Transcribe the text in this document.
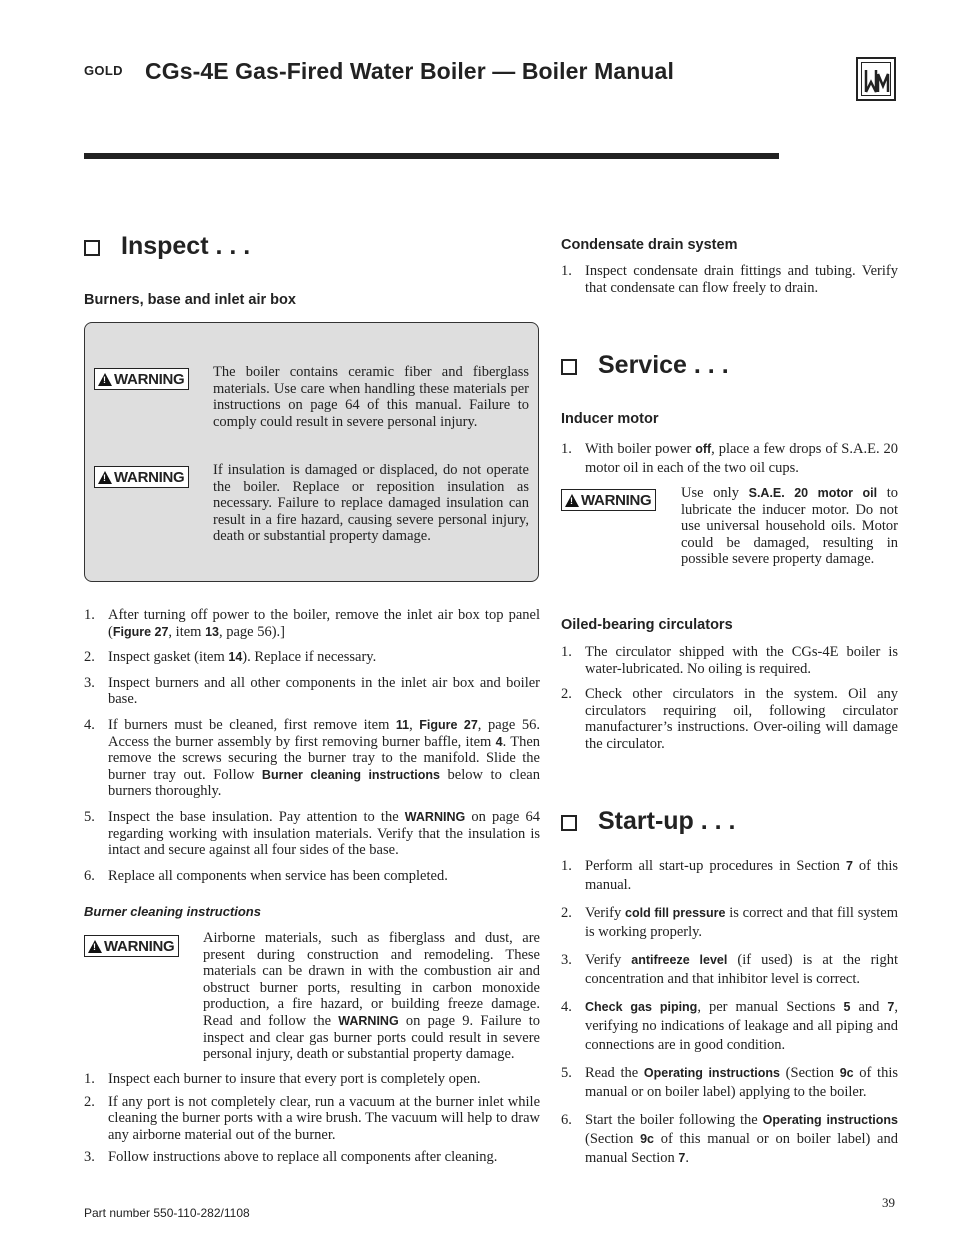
GOLD CGs-4E Gas-Fired Water Boiler — Boiler Manual
Inspect . . .
Burners, base and inlet air box
!
WARNING The boiler contains ceramic fiber and fiberglass materials. Use care when handling these materials per instructions on page 64 of this manual. Failure to comply could result in severe personal injury.
!
WARNING If insulation is damaged or displaced, do not operate the boiler. Replace or reposition insulation as necessary. Failure to replace damaged insulation can result in a fire hazard, causing severe personal injury, death or substantial property damage.
1. After turning off power to the boiler, remove the inlet air box top panel (Figure 27, item 13, page 56).]
2. Inspect gasket (item 14). Replace if necessary.
3. Inspect burners and all other components in the inlet air box and boiler base.
4. If burners must be cleaned, first remove item 11, Figure 27, page 56. Access the burner assembly by first removing burner baffle, item 4. Then remove the screws securing the burner tray to the manifold. Slide the burner tray out. Follow Burner cleaning instructions below to clean burners thoroughly.
5. Inspect the base insulation. Pay attention to the WARNING on page 64 regarding working with insulation materials. Verify that the insulation is intact and secure against all four sides of the base.
6. Replace all components when service has been completed.
Burner cleaning instructions
!
WARNING Airborne materials, such as fiberglass and dust, are present during construction and remodeling. These materials can be drawn in with the combustion air and obstruct burner ports, resulting in carbon monoxide production, a fire hazard, or building freeze damage. Read and follow the WARNING on page 9. Failure to inspect and clear gas burner ports could result in severe personal injury, death or substantial property damage.
1. Inspect each burner to insure that every port is completely open.
2. If any port is not completely clear, run a vacuum at the burner inlet while cleaning the burner ports with a wire brush. The vacuum will help to draw any airborne material out of the burner.
3. Follow instructions above to replace all components after cleaning.
Condensate drain system
1. Inspect condensate drain fittings and tubing. Verify that condensate can flow freely to drain.
Service . . .
Inducer motor
1. With boiler power off, place a few drops of S.A.E. 20 motor oil in each of the two oil cups.
!
WARNING Use only S.A.E. 20 motor oil to lubricate the inducer motor. Do not use universal household oils. Motor could be damaged, resulting in possible severe property damage.
Oiled-bearing circulators
1. The circulator shipped with the CGs-4E boiler is water-lubricated. No oiling is required.
2. Check other circulators in the system. Oil any circulators requiring oil, following circulator manufacturer’s instructions. Over-oiling will damage the circulator.
Start-up . . .
1. Perform all start-up procedures in Section 7 of this manual.
2. Verify cold fill pressure is correct and that fill system is working properly.
3. Verify antifreeze level (if used) is at the right concentration and that inhibitor level is correct.
4. Check gas piping, per manual Sections 5 and 7, verifying no indications of leakage and all piping and connections are in good condition.
5. Read the Operating instructions (Section 9c of this manual or on boiler label) applying to the boiler.
6. Start the boiler following the Operating instructions (Section 9c of this manual or on boiler label) and manual Section 7.
Part number 550-110-282/1108
39
